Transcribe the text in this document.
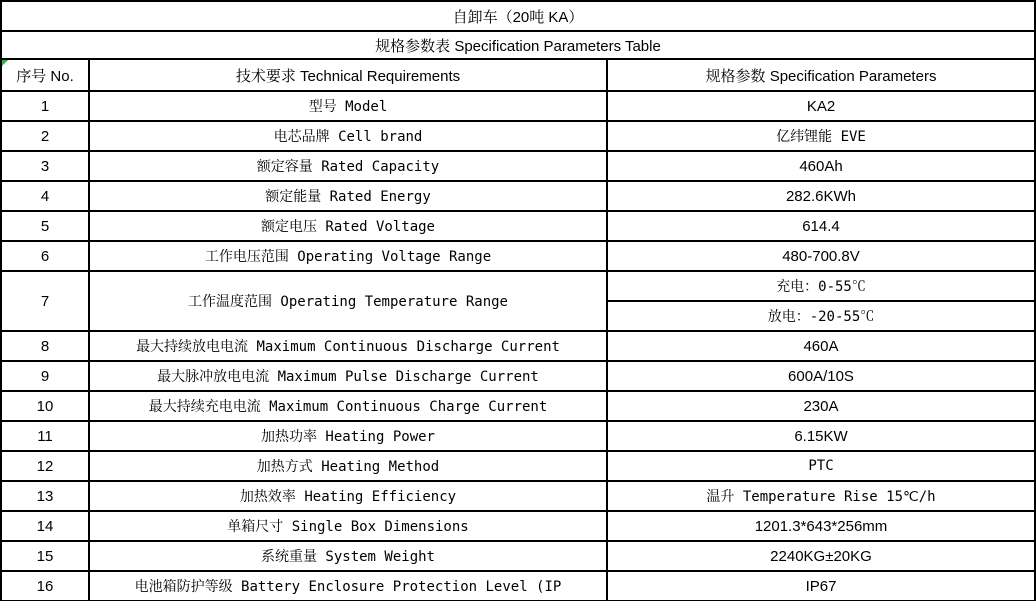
自卸车（20吨 KA）		
规格参数表 Specification Parameters Table		

序号 No.	技术要求 Technical Requirements	规格参数 Specification Parameters
1	型号 Model	KA2
2	电芯品牌 Cell brand	亿纬锂能 EVE
3	额定容量 Rated Capacity	460Ah
4	额定能量 Rated Energy	282.6KWh
5	额定电压 Rated Voltage	614.4
6	工作电压范围 Operating Voltage Range	480-700.8V
7	工作温度范围 Operating Temperature Range	充电：0-55℃
		放电：-20-55℃
8	最大持续放电电流 Maximum Continuous Discharge Current	460A
9	最大脉冲放电电流 Maximum Pulse Discharge Current	600A/10S
10	最大持续充电电流 Maximum Continuous Charge Current	230A
11	加热功率 Heating Power	6.15KW
12	加热方式 Heating Method	PTC
13	加热效率 Heating Efficiency	温升 Temperature Rise 15℃/h
14	单箱尺寸 Single Box Dimensions	1201.3*643*256mm
15	系统重量 System Weight	2240KG±20KG
16	电池箱防护等级 Battery Enclosure Protection Level (IP	IP67
